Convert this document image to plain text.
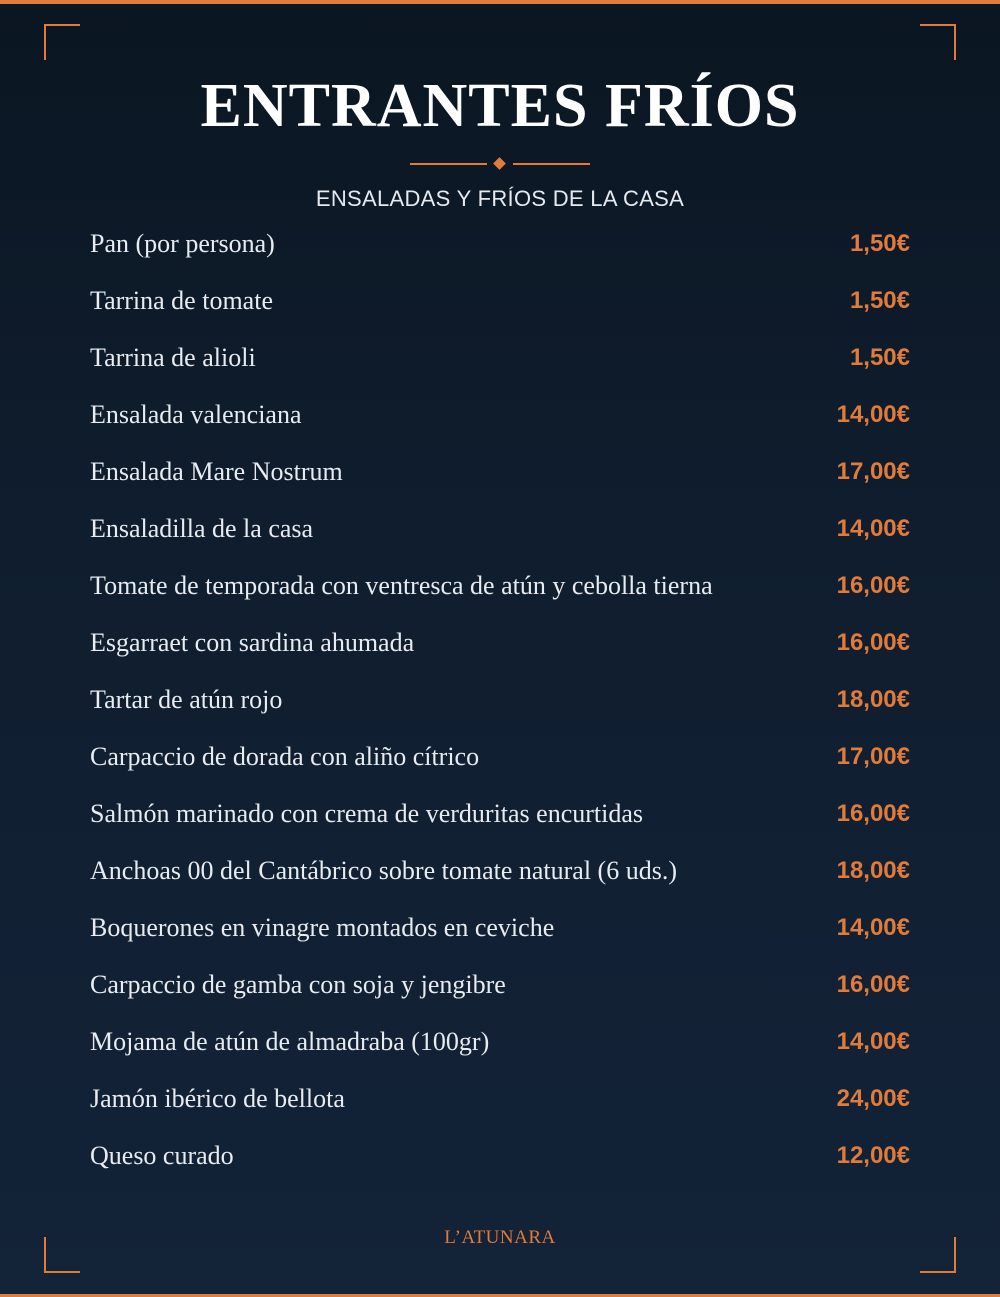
ENTRANTES FRÍOS
ENSALADAS Y FRÍOS DE LA CASA
Pan (por persona)	1,50€
Tarrina de tomate	1,50€
Tarrina de alioli	1,50€
Ensalada valenciana	14,00€
Ensalada Mare Nostrum	17,00€
Ensaladilla de la casa	14,00€
Tomate de temporada con ventresca de atún y cebolla tierna	16,00€
Esgarraet con sardina ahumada	16,00€
Tartar de atún rojo	18,00€
Carpaccio de dorada con aliño cítrico	17,00€
Salmón marinado con crema de verduritas encurtidas	16,00€
Anchoas 00 del Cantábrico sobre tomate natural (6 uds.)	18,00€
Boquerones en vinagre montados en ceviche	14,00€
Carpaccio de gamba con soja y jengibre	16,00€
Mojama de atún de almadraba (100gr)	14,00€
Jamón ibérico de bellota	24,00€
Queso curado	12,00€
L’ATUNARA
